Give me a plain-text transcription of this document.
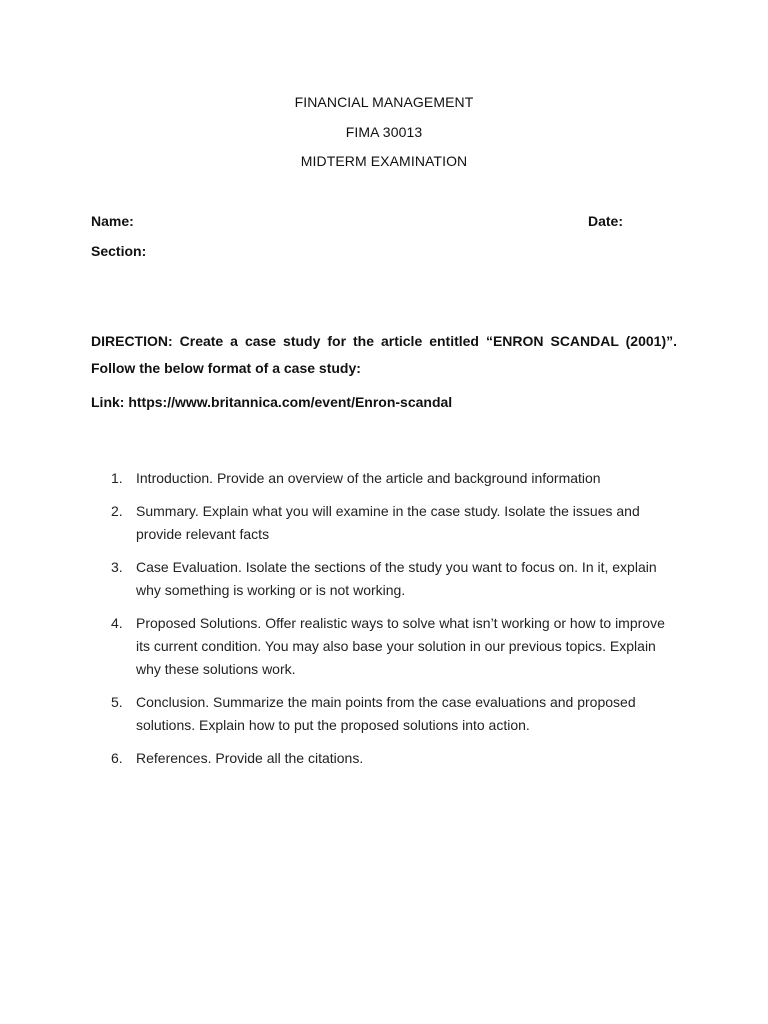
FINANCIAL MANAGEMENT
FIMA 30013
MIDTERM EXAMINATION
Name:	Date:
Section:
DIRECTION: Create a case study for the article entitled “ENRON SCANDAL (2001)”. Follow the below format of a case study:
Link: https://www.britannica.com/event/Enron-scandal
1. Introduction. Provide an overview of the article and background information
2. Summary. Explain what you will examine in the case study. Isolate the issues and provide relevant facts
3. Case Evaluation. Isolate the sections of the study you want to focus on. In it, explain why something is working or is not working.
4. Proposed Solutions. Offer realistic ways to solve what isn’t working or how to improve its current condition. You may also base your solution in our previous topics. Explain why these solutions work.
5. Conclusion. Summarize the main points from the case evaluations and proposed solutions. Explain how to put the proposed solutions into action.
6. References. Provide all the citations.
